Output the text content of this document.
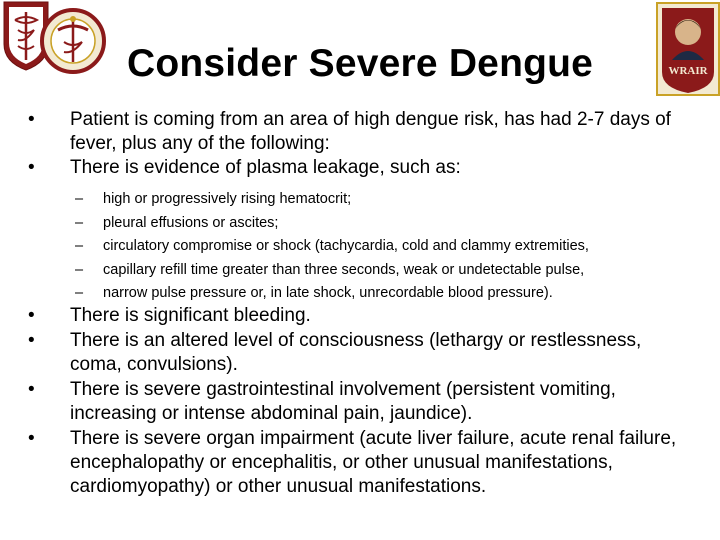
WRAIR
Consider Severe Dengue
• Patient is coming from an area of high dengue risk, has had 2-7 days of fever, plus any of the following:
• There is evidence of plasma leakage, such as:
– high or progressively rising hematocrit;
– pleural effusions or ascites;
– circulatory compromise or shock (tachycardia, cold and clammy extremities,
– capillary refill time greater than three seconds, weak or undetectable pulse,
– narrow pulse pressure or, in late shock, unrecordable blood pressure).
• There is significant bleeding.
• There is an altered level of consciousness (lethargy or restlessness, coma, convulsions).
• There is severe gastrointestinal involvement (persistent vomiting, increasing or intense abdominal pain, jaundice).
• There is severe organ impairment (acute liver failure, acute renal failure, encephalopathy or encephalitis, or other unusual manifestations, cardiomyopathy) or other unusual manifestations.
